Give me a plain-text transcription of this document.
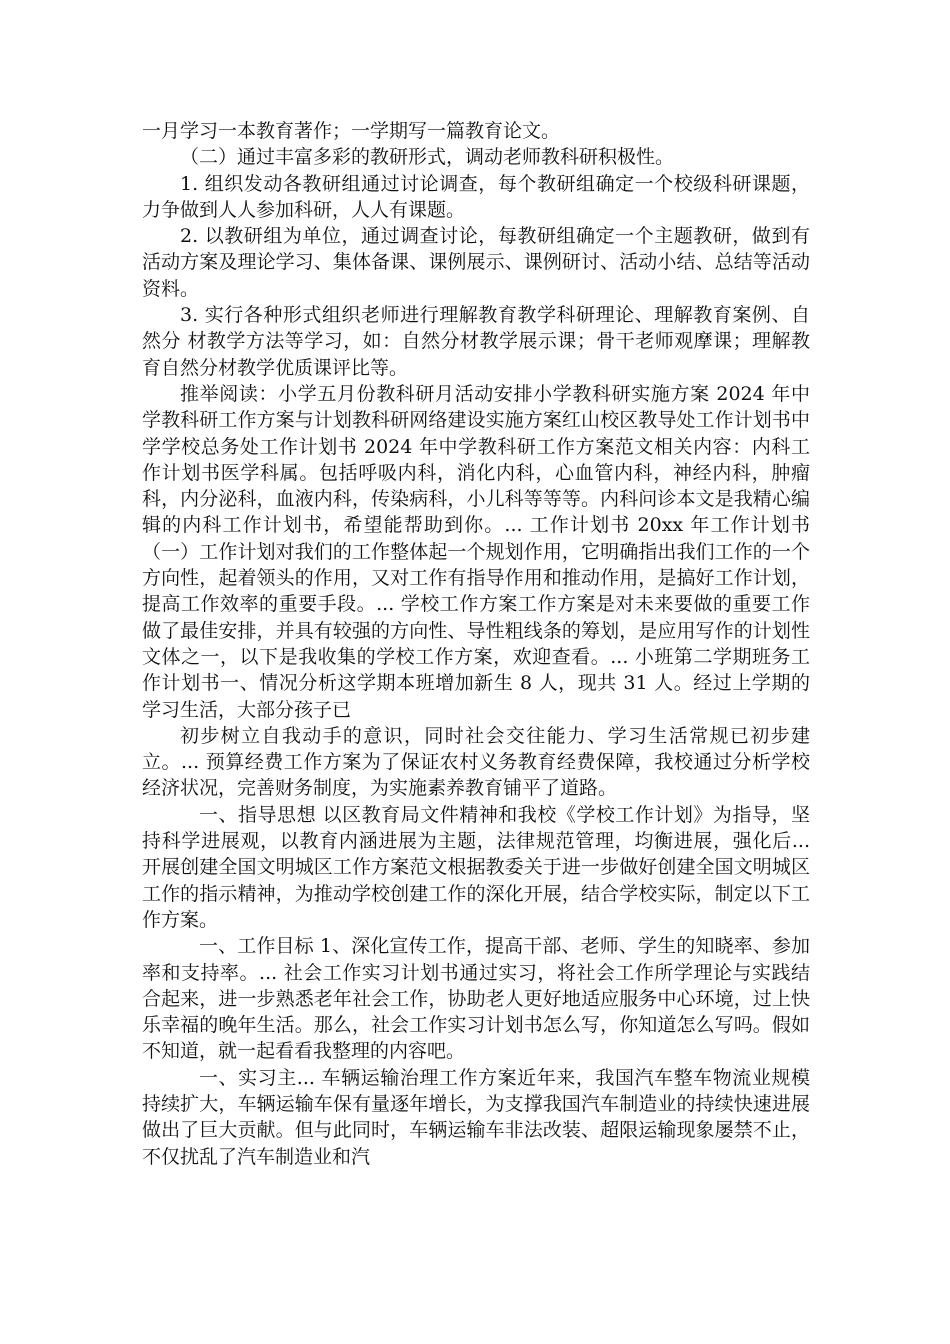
一月学习一本教育著作；一学期写一篇教育论文。

（二）通过丰富多彩的教研形式，调动老师教科研积极性。

1. 组织发动各教研组通过讨论调查，每个教研组确定一个校级科研课题，力争做到人人参加科研，人人有课题。

2. 以教研组为单位，通过调查讨论，每教研组确定一个主题教研，做到有活动方案及理论学习、集体备课、课例展示、课例研讨、活动小结、总结等活动资料。

3. 实行各种形式组织老师进行理解教育教学科研理论、理解教育案例、自然分 材教学方法等学习，如：自然分材教学展示课；骨干老师观摩课；理解教育自然分材教学优质课评比等。

推举阅读：小学五月份教科研月活动安排小学教科研实施方案 2024 年中学教科研工作方案与计划教科研网络建设实施方案红山校区教导处工作计划书中学学校总务处工作计划书 2024 年中学教科研工作方案范文相关内容：内科工作计划书医学科属。包括呼吸内科，消化内科，心血管内科，神经内科，肿瘤科，内分泌科，血液内科，传染病科，小儿科等等等。内科问诊本文是我精心编辑的内科工作计划书，希望能帮助到你。... 工作计划书 20xx 年工作计划书 （一）工作计划对我们的工作整体起一个规划作用，它明确指出我们工作的一个方向性，起着领头的作用，又对工作有指导作用和推动作用，是搞好工作计划，提高工作效率的重要手段。... 学校工作方案工作方案是对未来要做的重要工作做了最佳安排，并具有较强的方向性、导性粗线条的筹划，是应用写作的计划性文体之一，以下是我收集的学校工作方案，欢迎查看。... 小班第二学期班务工作计划书一、情况分析这学期本班增加新生 8 人，现共 31 人。经过上学期的学习生活，大部分孩子已

初步树立自我动手的意识，同时社会交往能力、学习生活常规已初步建立。... 预算经费工作方案为了保证农村义务教育经费保障，我校通过分析学校经济状况，完善财务制度，为实施素养教育铺平了道路。

一、指导思想 以区教育局文件精神和我校《学校工作计划》为指导，坚持科学进展观，以教育内涵进展为主题，法律规范管理，均衡进展，强化后... 开展创建全国文明城区工作方案范文根据教委关于进一步做好创建全国文明城区工作的指示精神，为推动学校创建工作的深化开展，结合学校实际，制定以下工作方案。

一、工作目标 1、深化宣传工作，提高干部、老师、学生的知晓率、参加率和支持率。... 社会工作实习计划书通过实习，将社会工作所学理论与实践结合起来，进一步熟悉老年社会工作，协助老人更好地适应服务中心环境，过上快乐幸福的晚年生活。那么，社会工作实习计划书怎么写，你知道怎么写吗。假如不知道，就一起看看我整理的内容吧。

一、实习主... 车辆运输治理工作方案近年来，我国汽车整车物流业规模持续扩大，车辆运输车保有量逐年增长，为支撑我国汽车制造业的持续快速进展做出了巨大贡献。但与此同时，车辆运输车非法改装、超限运输现象屡禁不止，不仅扰乱了汽车制造业和汽
